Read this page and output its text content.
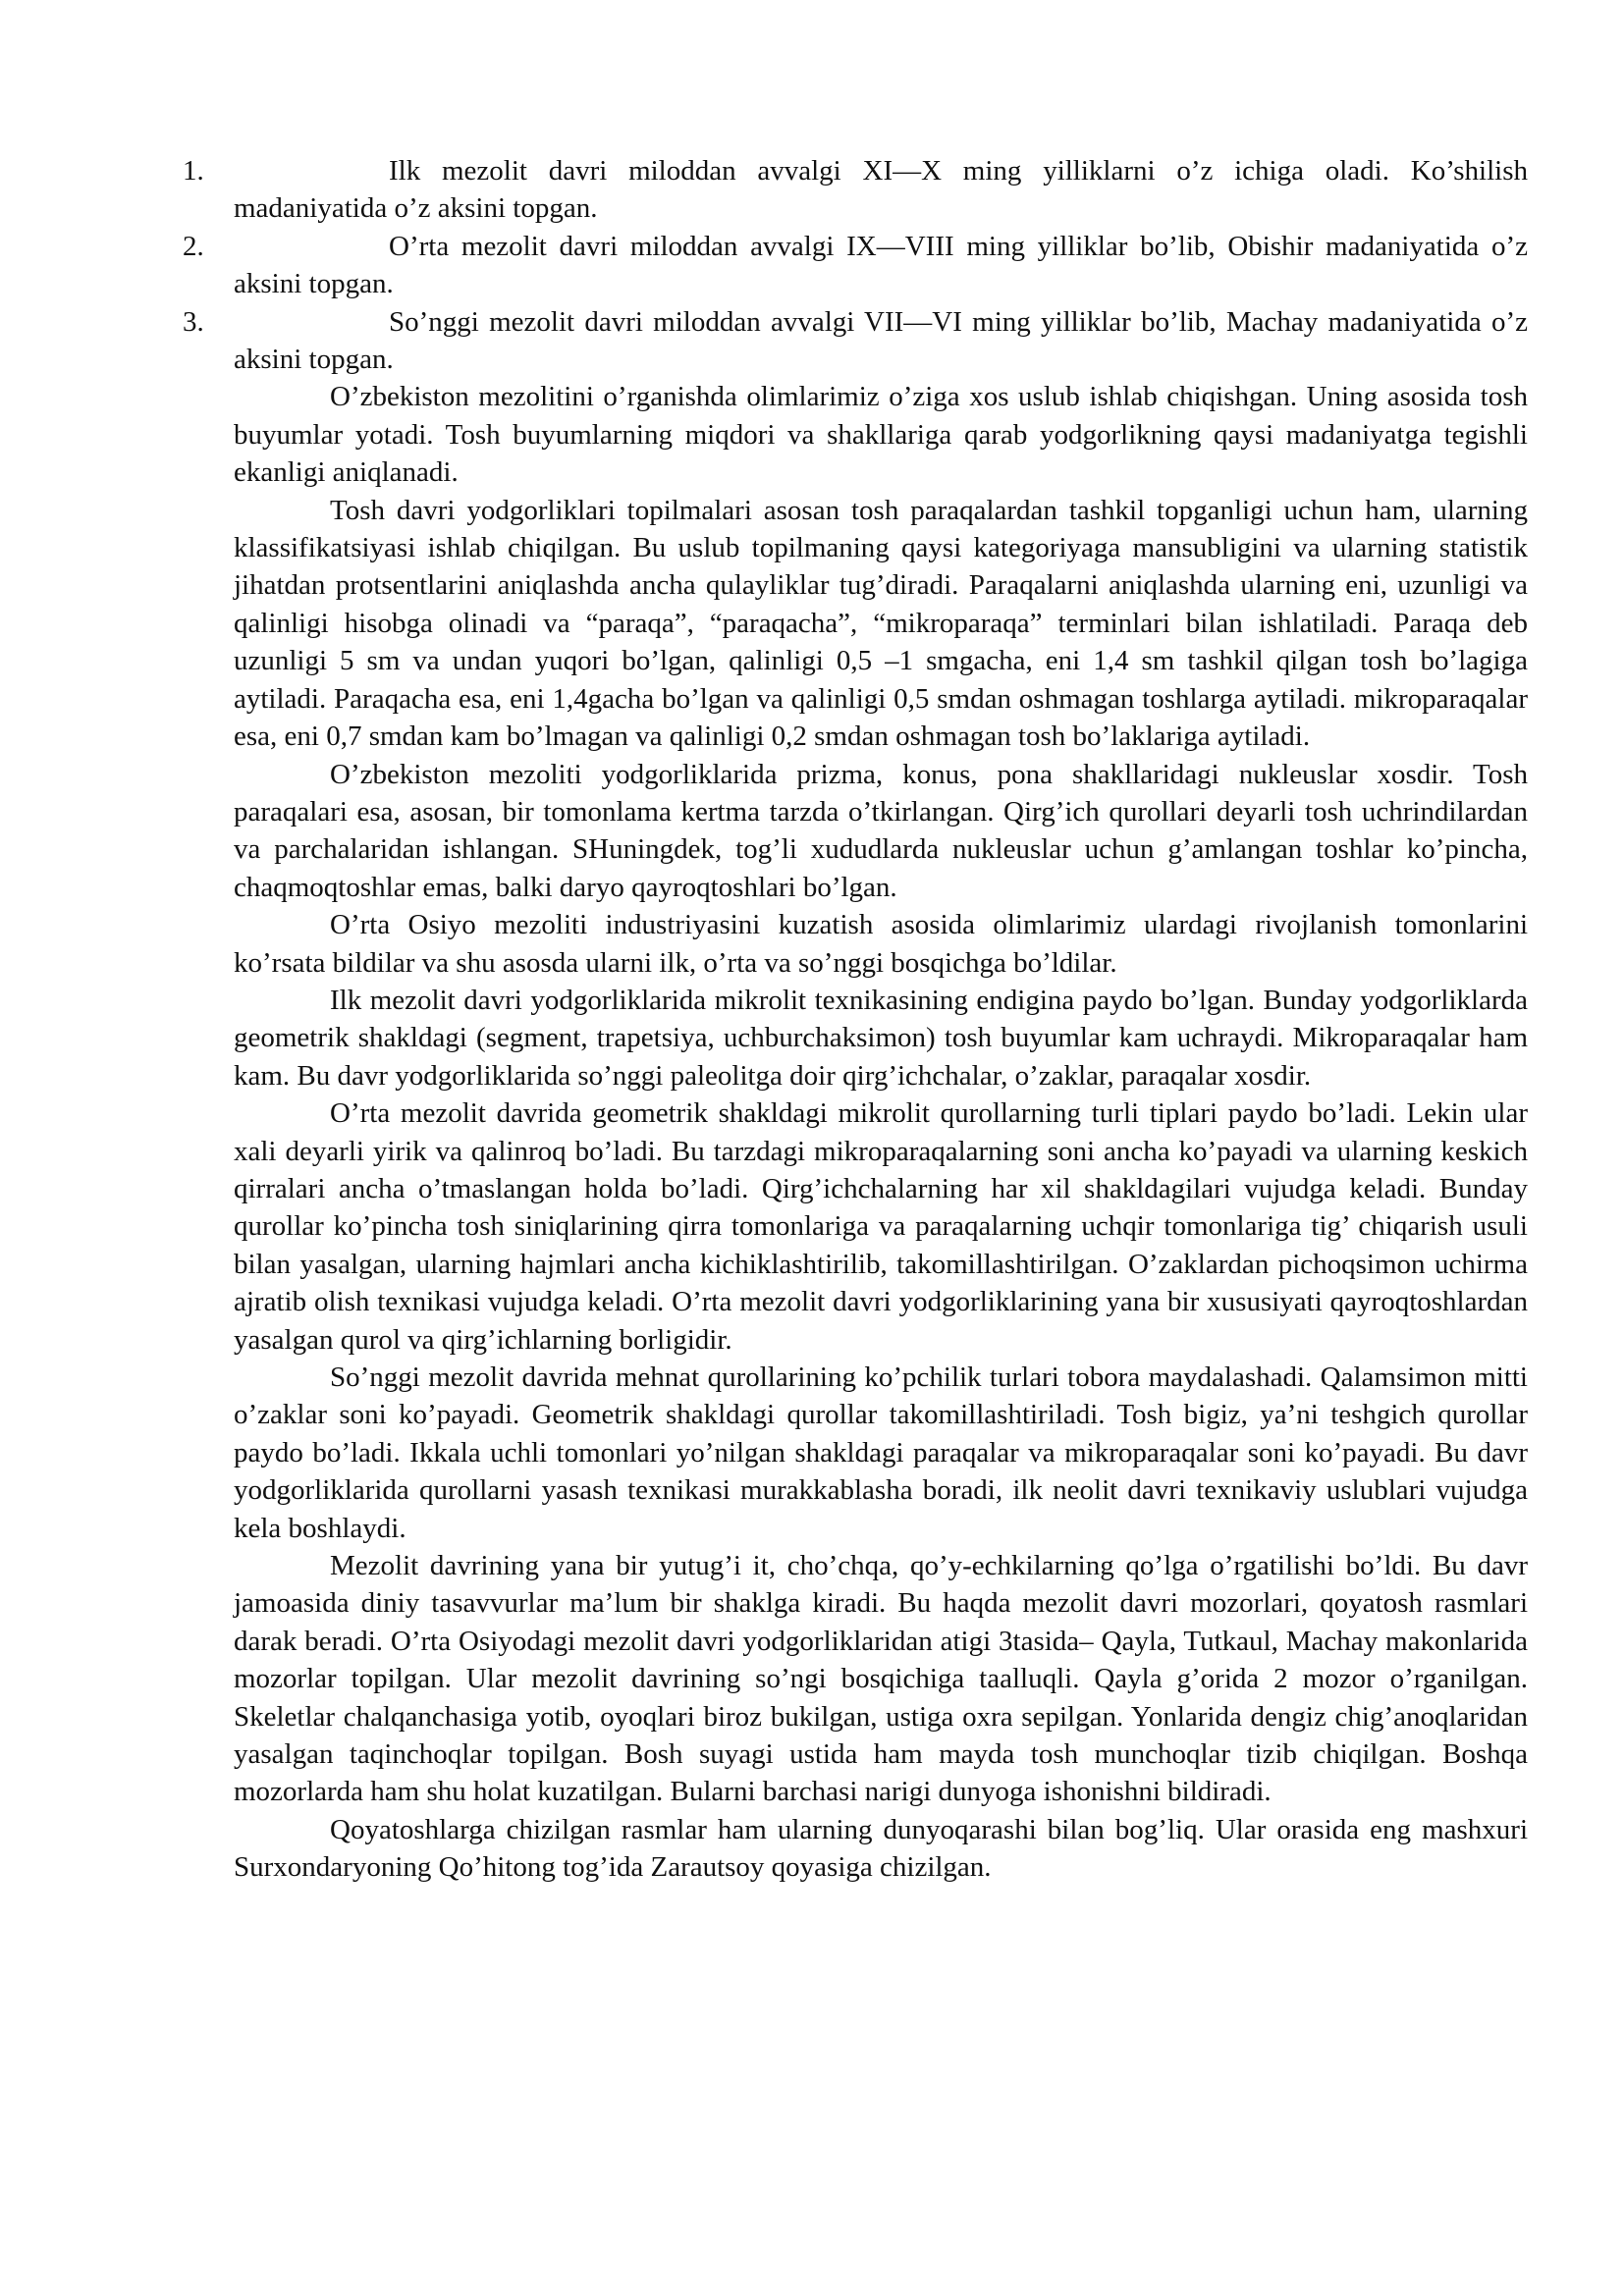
1.	Ilk mezolit davri miloddan avvalgi XI—X ming yilliklarni o’z ichiga oladi. Ko’shilish madaniyatida o’z aksini topgan.
2.	O’rta mezolit davri miloddan avvalgi IX—VIII ming yilliklar bo’lib, Obishir madaniyatida o’z aksini topgan.
3.	So’nggi mezolit davri miloddan avvalgi VII—VI ming yilliklar bo’lib, Machay madaniyatida o’z aksini topgan.

O’zbekiston mezolitini o’rganishda olimlarimiz o’ziga xos uslub ishlab chiqishgan. Uning asosida tosh buyumlar yotadi. Tosh buyumlarning miqdori va shakllariga qarab yodgorlikning qaysi madaniyatga tegishli ekanligi aniqlanadi.

Tosh davri yodgorliklari topilmalari asosan tosh paraqalardan tashkil topganligi uchun ham, ularning klassifikatsiyasi ishlab chiqilgan. Bu uslub topilmaning qaysi kategoriyaga mansubligini va ularning statistik jihatdan protsentlarini aniqlashda ancha qulayliklar tug’diradi. Paraqalarni aniqlashda ularning eni, uzunligi va qalinligi hisobga olinadi va “paraqa”, “paraqacha”, “mikroparaqa” terminlari bilan ishlatiladi. Paraqa deb uzunligi 5 sm va undan yuqori bo’lgan, qalinligi 0,5 –1 smgacha, eni 1,4 sm tashkil qilgan tosh bo’lagiga aytiladi. Paraqacha esa, eni 1,4gacha bo’lgan va qalinligi 0,5 smdan oshmagan toshlarga aytiladi. mikroparaqalar esa, eni 0,7 smdan kam bo’lmagan va qalinligi 0,2 smdan oshmagan tosh bo’laklariga aytiladi.

O’zbekiston mezoliti yodgorliklarida prizma, konus, pona shakllaridagi nukleuslar xosdir. Tosh paraqalari esa, asosan, bir tomonlama kertma tarzda o’tkirlangan. Qirg’ich qurollari deyarli tosh uchrindilardan va parchalaridan ishlangan. SHuningdek, tog’li xududlarda nukleuslar uchun g’amlangan toshlar ko’pincha, chaqmoqtoshlar emas, balki daryo qayroqtoshlari bo’lgan.

O’rta Osiyo mezoliti industriyasini kuzatish asosida olimlarimiz ulardagi rivojlanish tomonlarini ko’rsata bildilar va shu asosda ularni ilk, o’rta va so’nggi bosqichga bo’ldilar.

Ilk mezolit davri yodgorliklarida mikrolit texnikasining endigina paydo bo’lgan. Bunday yodgorliklarda geometrik shakldagi (segment, trapetsiya, uchburchaksimon) tosh buyumlar kam uchraydi. Mikroparaqalar ham kam. Bu davr yodgorliklarida so’nggi paleolitga doir qirg’ichchalar, o’zaklar, paraqalar xosdir.

O’rta mezolit davrida geometrik shakldagi mikrolit qurollarning turli tiplari paydo bo’ladi. Lekin ular xali deyarli yirik va qalinroq bo’ladi. Bu tarzdagi mikroparaqalarning soni ancha ko’payadi va ularning keskich qirralari ancha o’tmaslangan holda bo’ladi. Qirg’ichchalarning har xil shakldagilari vujudga keladi. Bunday qurollar ko’pincha tosh siniqlarining qirra tomonlariga va paraqalarning uchqir tomonlariga tig’ chiqarish usuli bilan yasalgan, ularning hajmlari ancha kichiklashtirilib, takomillashtirilgan. O’zaklardan pichoqsimon uchirma ajratib olish texnikasi vujudga keladi. O’rta mezolit davri yodgorliklarining yana bir xususiyati qayroqtoshlardan yasalgan qurol va qirg’ichlarning borligidir.

So’nggi mezolit davrida mehnat qurollarining ko’pchilik turlari tobora maydalashadi. Qalamsimon mitti o’zaklar soni ko’payadi. Geometrik shakldagi qurollar takomillashtiriladi. Tosh bigiz, ya’ni teshgich qurollar paydo bo’ladi. Ikkala uchli tomonlari yo’nilgan shakldagi paraqalar va mikroparaqalar soni ko’payadi. Bu davr yodgorliklarida qurollarni yasash texnikasi murakkablasha boradi, ilk neolit davri texnikaviy uslublari vujudga kela boshlaydi.

Mezolit davrining yana bir yutug’i it, cho’chqa, qo’y-echkilarning qo’lga o’rgatilishi bo’ldi. Bu davr jamoasida diniy tasavvurlar ma’lum bir shaklga kiradi. Bu haqda mezolit davri mozorlari, qoyatosh rasmlari darak beradi. O’rta Osiyodagi mezolit davri yodgorliklaridan atigi 3tasida– Qayla, Tutkaul, Machay makonlarida mozorlar topilgan. Ular mezolit davrining so’ngi bosqichiga taalluqli. Qayla g’orida 2 mozor o’rganilgan. Skeletlar chalqanchasiga yotib, oyoqlari biroz bukilgan, ustiga oxra sepilgan. Yonlarida dengiz chig’anoqlaridan yasalgan taqinchoqlar topilgan. Bosh suyagi ustida ham mayda tosh munchoqlar tizib chiqilgan. Boshqa mozorlarda ham shu holat kuzatilgan. Bularni barchasi narigi dunyoga ishonishni bildiradi.

Qoyatoshlarga chizilgan rasmlar ham ularning dunyoqarashi bilan bog’liq. Ular orasida eng mashxuri Surxondaryoning Qo’hitong tog’ida Zarautsoy qoyasiga chizilgan.
